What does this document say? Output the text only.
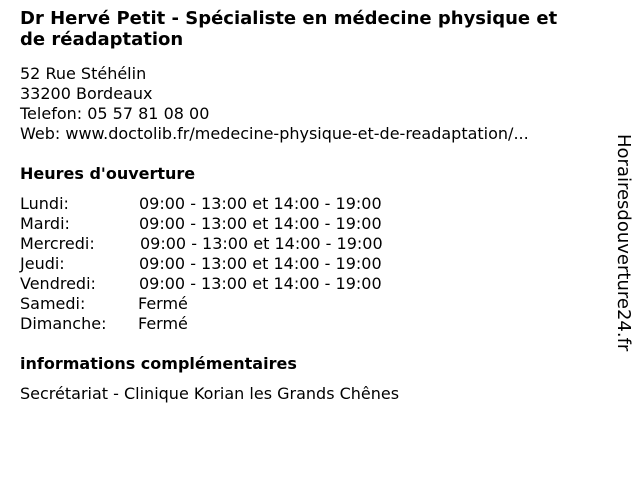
Dr Hervé Petit - Spécialiste en médecine physique et
de réadaptation
52 Rue Stéhélin
33200 Bordeaux
Telefon: 05 57 81 08 00
Web: www.doctolib.fr/medecine-physique-et-de-readaptation/...
Heures d'ouverture
Lundi:	09:00 - 13:00 et 14:00 - 19:00
Mardi:	09:00 - 13:00 et 14:00 - 19:00
Mercredi:	09:00 - 13:00 et 14:00 - 19:00
Jeudi:	09:00 - 13:00 et 14:00 - 19:00
Vendredi:	09:00 - 13:00 et 14:00 - 19:00
Samedi:	Fermé
Dimanche: Fermé
informations complémentaires
Secrétariat - Clinique Korian les Grands Chênes
Horairesdouverture24.fr
